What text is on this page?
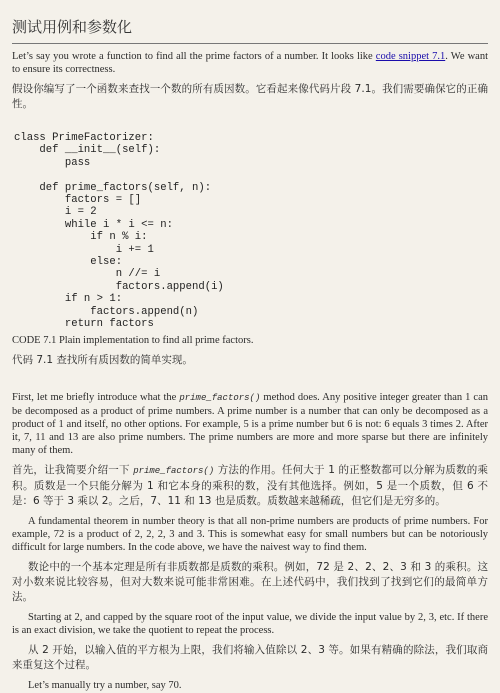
测试用例和参数化

Let’s say you wrote a function to find all the prime factors of a number. It looks like code snippet 7.1. We want to ensure its correctness.

假设你编写了一个函数来查找一个数的所有质因数。它看起来像代码片段 7.1。我们需要确保它的正确性。

class PrimeFactorizer:
def __init__(self):
pass

def prime_factors(self, n):
factors = []
i = 2
while i * i <= n:
if n % i:
i += 1
else:
n //= i
factors.append(i)
if n > 1:
factors.append(n)
return factors
CODE 7.1 Plain implementation to find all prime factors.
代码 7.1 查找所有质因数的简单实现。

First, let me briefly introduce what the prime_factors() method does. Any positive integer greater than 1 can be decomposed as a product of prime numbers. A prime number is a number that can only be decomposed as a product of 1 and itself, no other options. For example, 5 is a prime number but 6 is not: 6 equals 3 times 2. After it, 7, 11 and 13 are also prime numbers. The prime numbers are more and more sparse but there are infinitely many of them.

首先，让我简要介绍一下 prime_factors() 方法的作用。任何大于 1 的正整数都可以分解为质数的乘积。质数是一个只能分解为 1 和它本身的乘积的数，没有其他选择。例如，5 是一个质数，但 6 不是：6 等于 3 乘以 2。之后，7、11 和 13 也是质数。质数越来越稀疏，但它们是无穷多的。

A fundamental theorem in number theory is that all non-prime numbers are products of prime numbers. For example, 72 is a product of 2, 2, 2, 3 and 3. This is somewhat easy for small numbers but can be notoriously difficult for large numbers. In the code above, we have the naivest way to find them.

数论中的一个基本定理是所有非质数都是质数的乘积。例如，72 是 2、2、2、3 和 3 的乘积。这对小数来说比较容易，但对大数来说可能非常困难。在上述代码中，我们找到了找到它们的最简单方法。

Starting at 2, and capped by the square root of the input value, we divide the input value by 2, 3, etc. If there is an exact division, we take the quotient to repeat the process.

从 2 开始，以输入值的平方根为上限，我们将输入值除以 2、3 等。如果有精确的除法，我们取商来重复这个过程。

Let’s manually try a number, say 70.
